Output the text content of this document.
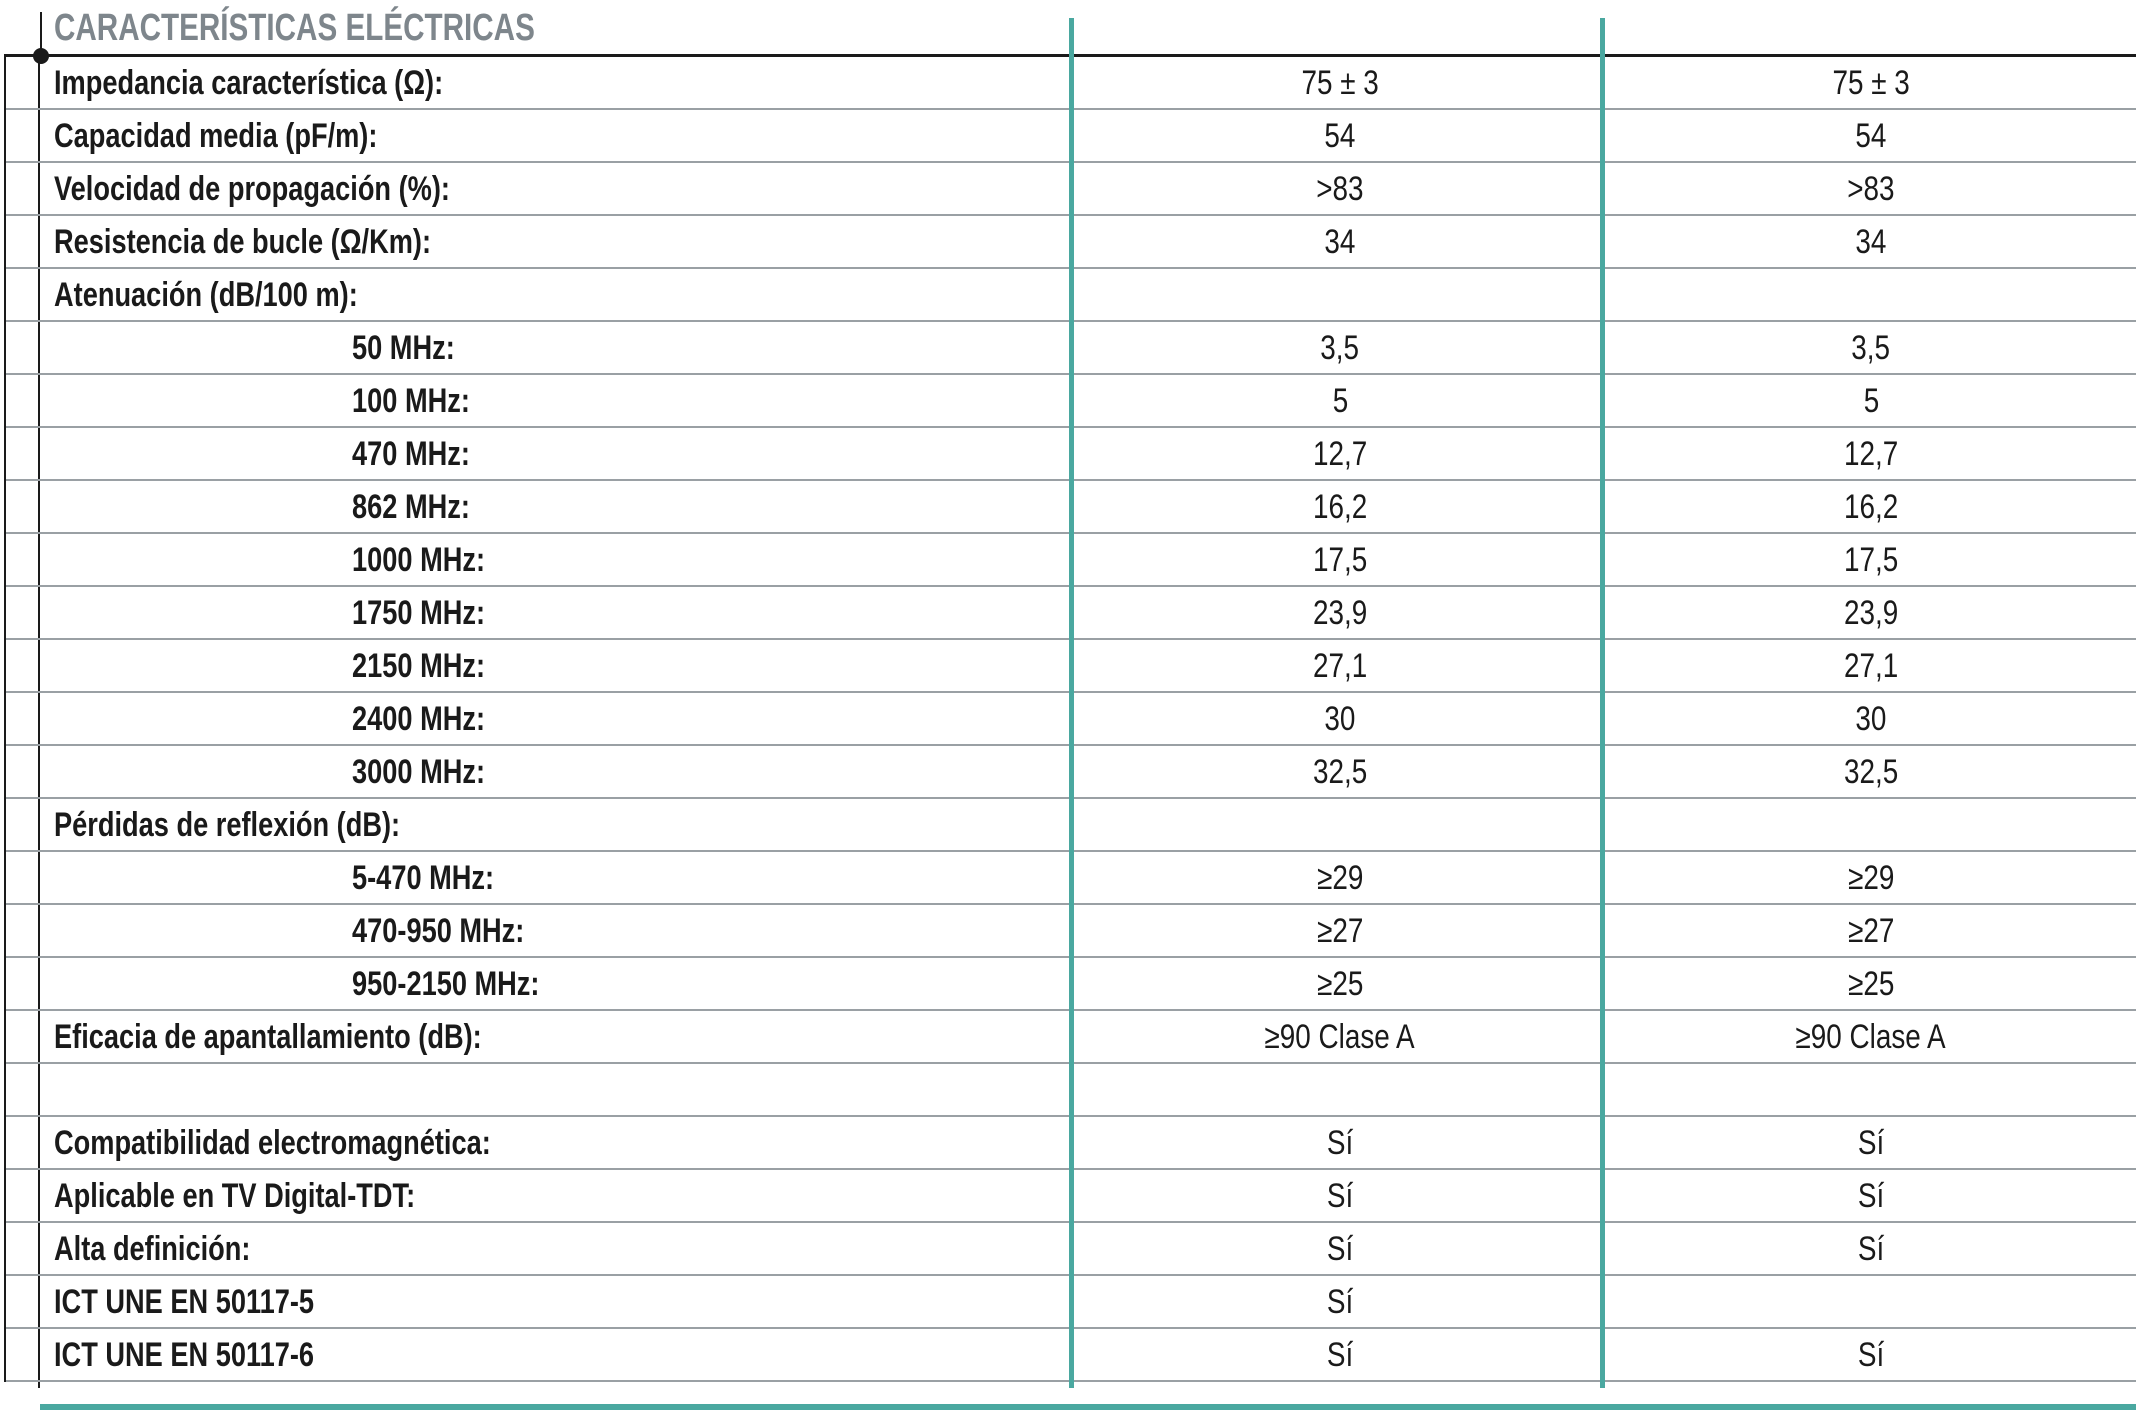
CARACTERÍSTICAS ELÉCTRICAS
Impedancia característica (Ω):	75 ± 3	75 ± 3
Capacidad media (pF/m):	54	54
Velocidad de propagación (%):	>83	>83
Resistencia de bucle (Ω/Km):	34	34
Atenuación (dB/100 m):
50 MHz:	3,5	3,5
100 MHz:	5	5
470 MHz:	12,7	12,7
862 MHz:	16,2	16,2
1000 MHz:	17,5	17,5
1750 MHz:	23,9	23,9
2150 MHz:	27,1	27,1
2400 MHz:	30	30
3000 MHz:	32,5	32,5
Pérdidas de reflexión (dB):
5-470 MHz:	≥29	≥29
470-950 MHz:	≥27	≥27
950-2150 MHz:	≥25	≥25
Eficacia de apantallamiento (dB):	≥90 Clase A	≥90 Clase A
Compatibilidad electromagnética:	Sí	Sí
Aplicable en TV Digital-TDT:	Sí	Sí
Alta definición:	Sí	Sí
ICT UNE EN 50117-5	Sí
ICT UNE EN 50117-6	Sí	Sí
